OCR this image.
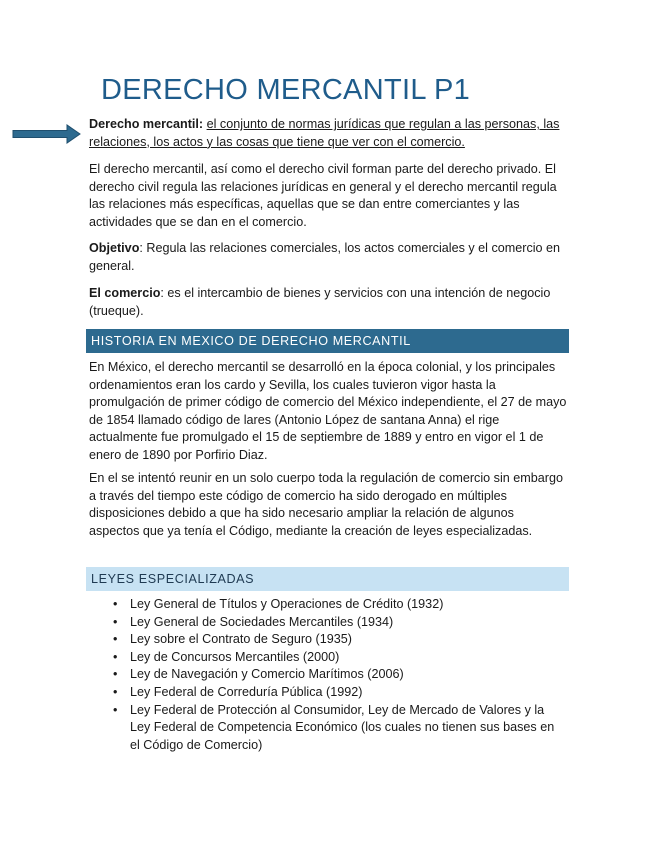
DERECHO MERCANTIL P1

Derecho mercantil: el conjunto de normas jurídicas que regulan a las personas, las relaciones, los actos y las cosas que tiene que ver con el comercio.

El derecho mercantil, así como el derecho civil forman parte del derecho privado. El derecho civil regula las relaciones jurídicas en general y el derecho mercantil regula las relaciones más específicas, aquellas que se dan entre comerciantes y las actividades que se dan en el comercio.

Objetivo: Regula las relaciones comerciales, los actos comerciales y el comercio en general.

El comercio: es el intercambio de bienes y servicios con una intención de negocio (trueque).

HISTORIA EN MEXICO DE DERECHO MERCANTIL

En México, el derecho mercantil se desarrolló en la época colonial, y los principales ordenamientos eran los cardo y Sevilla, los cuales tuvieron vigor hasta la promulgación de primer código de comercio del México independiente, el 27 de mayo de 1854 llamado código de lares (Antonio López de santana Anna) el rige actualmente fue promulgado el 15 de septiembre de 1889 y entro en vigor el 1 de enero de 1890 por Porfirio Diaz.

En el se intentó reunir en un solo cuerpo toda la regulación de comercio sin embargo a través del tiempo este código de comercio ha sido derogado en múltiples disposiciones debido a que ha sido necesario ampliar la relación de algunos aspectos que ya tenía el Código, mediante la creación de leyes especializadas.

LEYES ESPECIALIZADAS
• Ley General de Títulos y Operaciones de Crédito (1932)
• Ley General de Sociedades Mercantiles (1934)
• Ley sobre el Contrato de Seguro (1935)
• Ley de Concursos Mercantiles (2000)
• Ley de Navegación y Comercio Marítimos (2006)
• Ley Federal de Correduría Pública (1992)
• Ley Federal de Protección al Consumidor, Ley de Mercado de Valores y la Ley Federal de Competencia Económico (los cuales no tienen sus bases en el Código de Comercio)
